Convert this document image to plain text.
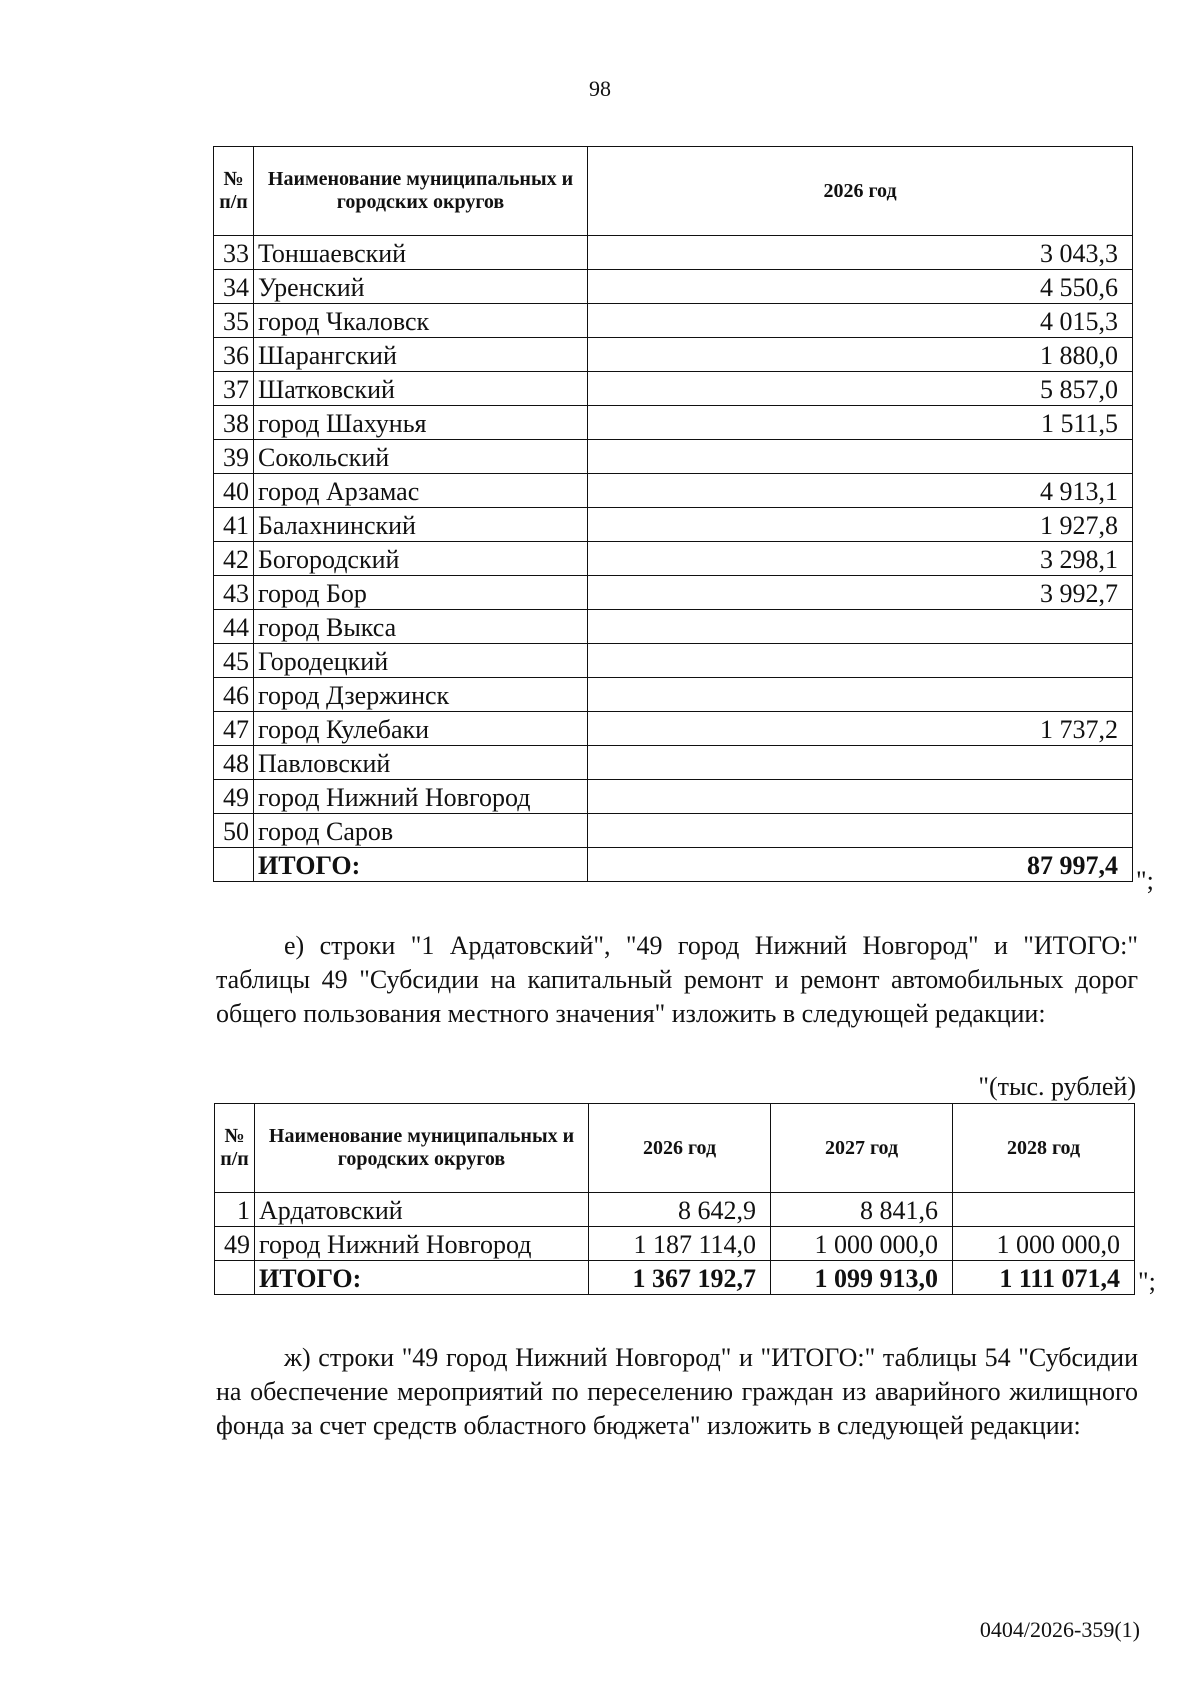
98
№ п/п	Наименование муниципальных и городских округов	2026 год
33	Тоншаевский	3 043,3
34	Уренский	4 550,6
35	город Чкаловск	4 015,3
36	Шарангский	1 880,0
37	Шатковский	5 857,0
38	город Шахунья	1 511,5
39	Сокольский	
40	город Арзамас	4 913,1
41	Балахнинский	1 927,8
42	Богородский	3 298,1
43	город Бор	3 992,7
44	город Выкса	
45	Городецкий	
46	город Дзержинск	
47	город Кулебаки	1 737,2
48	Павловский	
49	город Нижний Новгород	
50	город Саров	
	ИТОГО:	87 997,4
";

е) строки "1 Ардатовский", "49 город Нижний Новгород" и "ИТОГО:" таблицы 49 "Субсидии на капитальный ремонт и ремонт автомобильных дорог общего пользования местного значения" изложить в следующей редакции:

"(тыс. рублей)
№ п/п	Наименование муниципальных и городских округов	2026 год	2027 год	2028 год
1	Ардатовский	8 642,9	8 841,6	
49	город Нижний Новгород	1 187 114,0	1 000 000,0	1 000 000,0
	ИТОГО:	1 367 192,7	1 099 913,0	1 111 071,4 ";

ж) строки "49 город Нижний Новгород" и "ИТОГО:" таблицы 54 "Субсидии на обеспечение мероприятий по переселению граждан из аварийного жилищного фонда за счет средств областного бюджета" изложить в следующей редакции:

0404/2026-359(1)
